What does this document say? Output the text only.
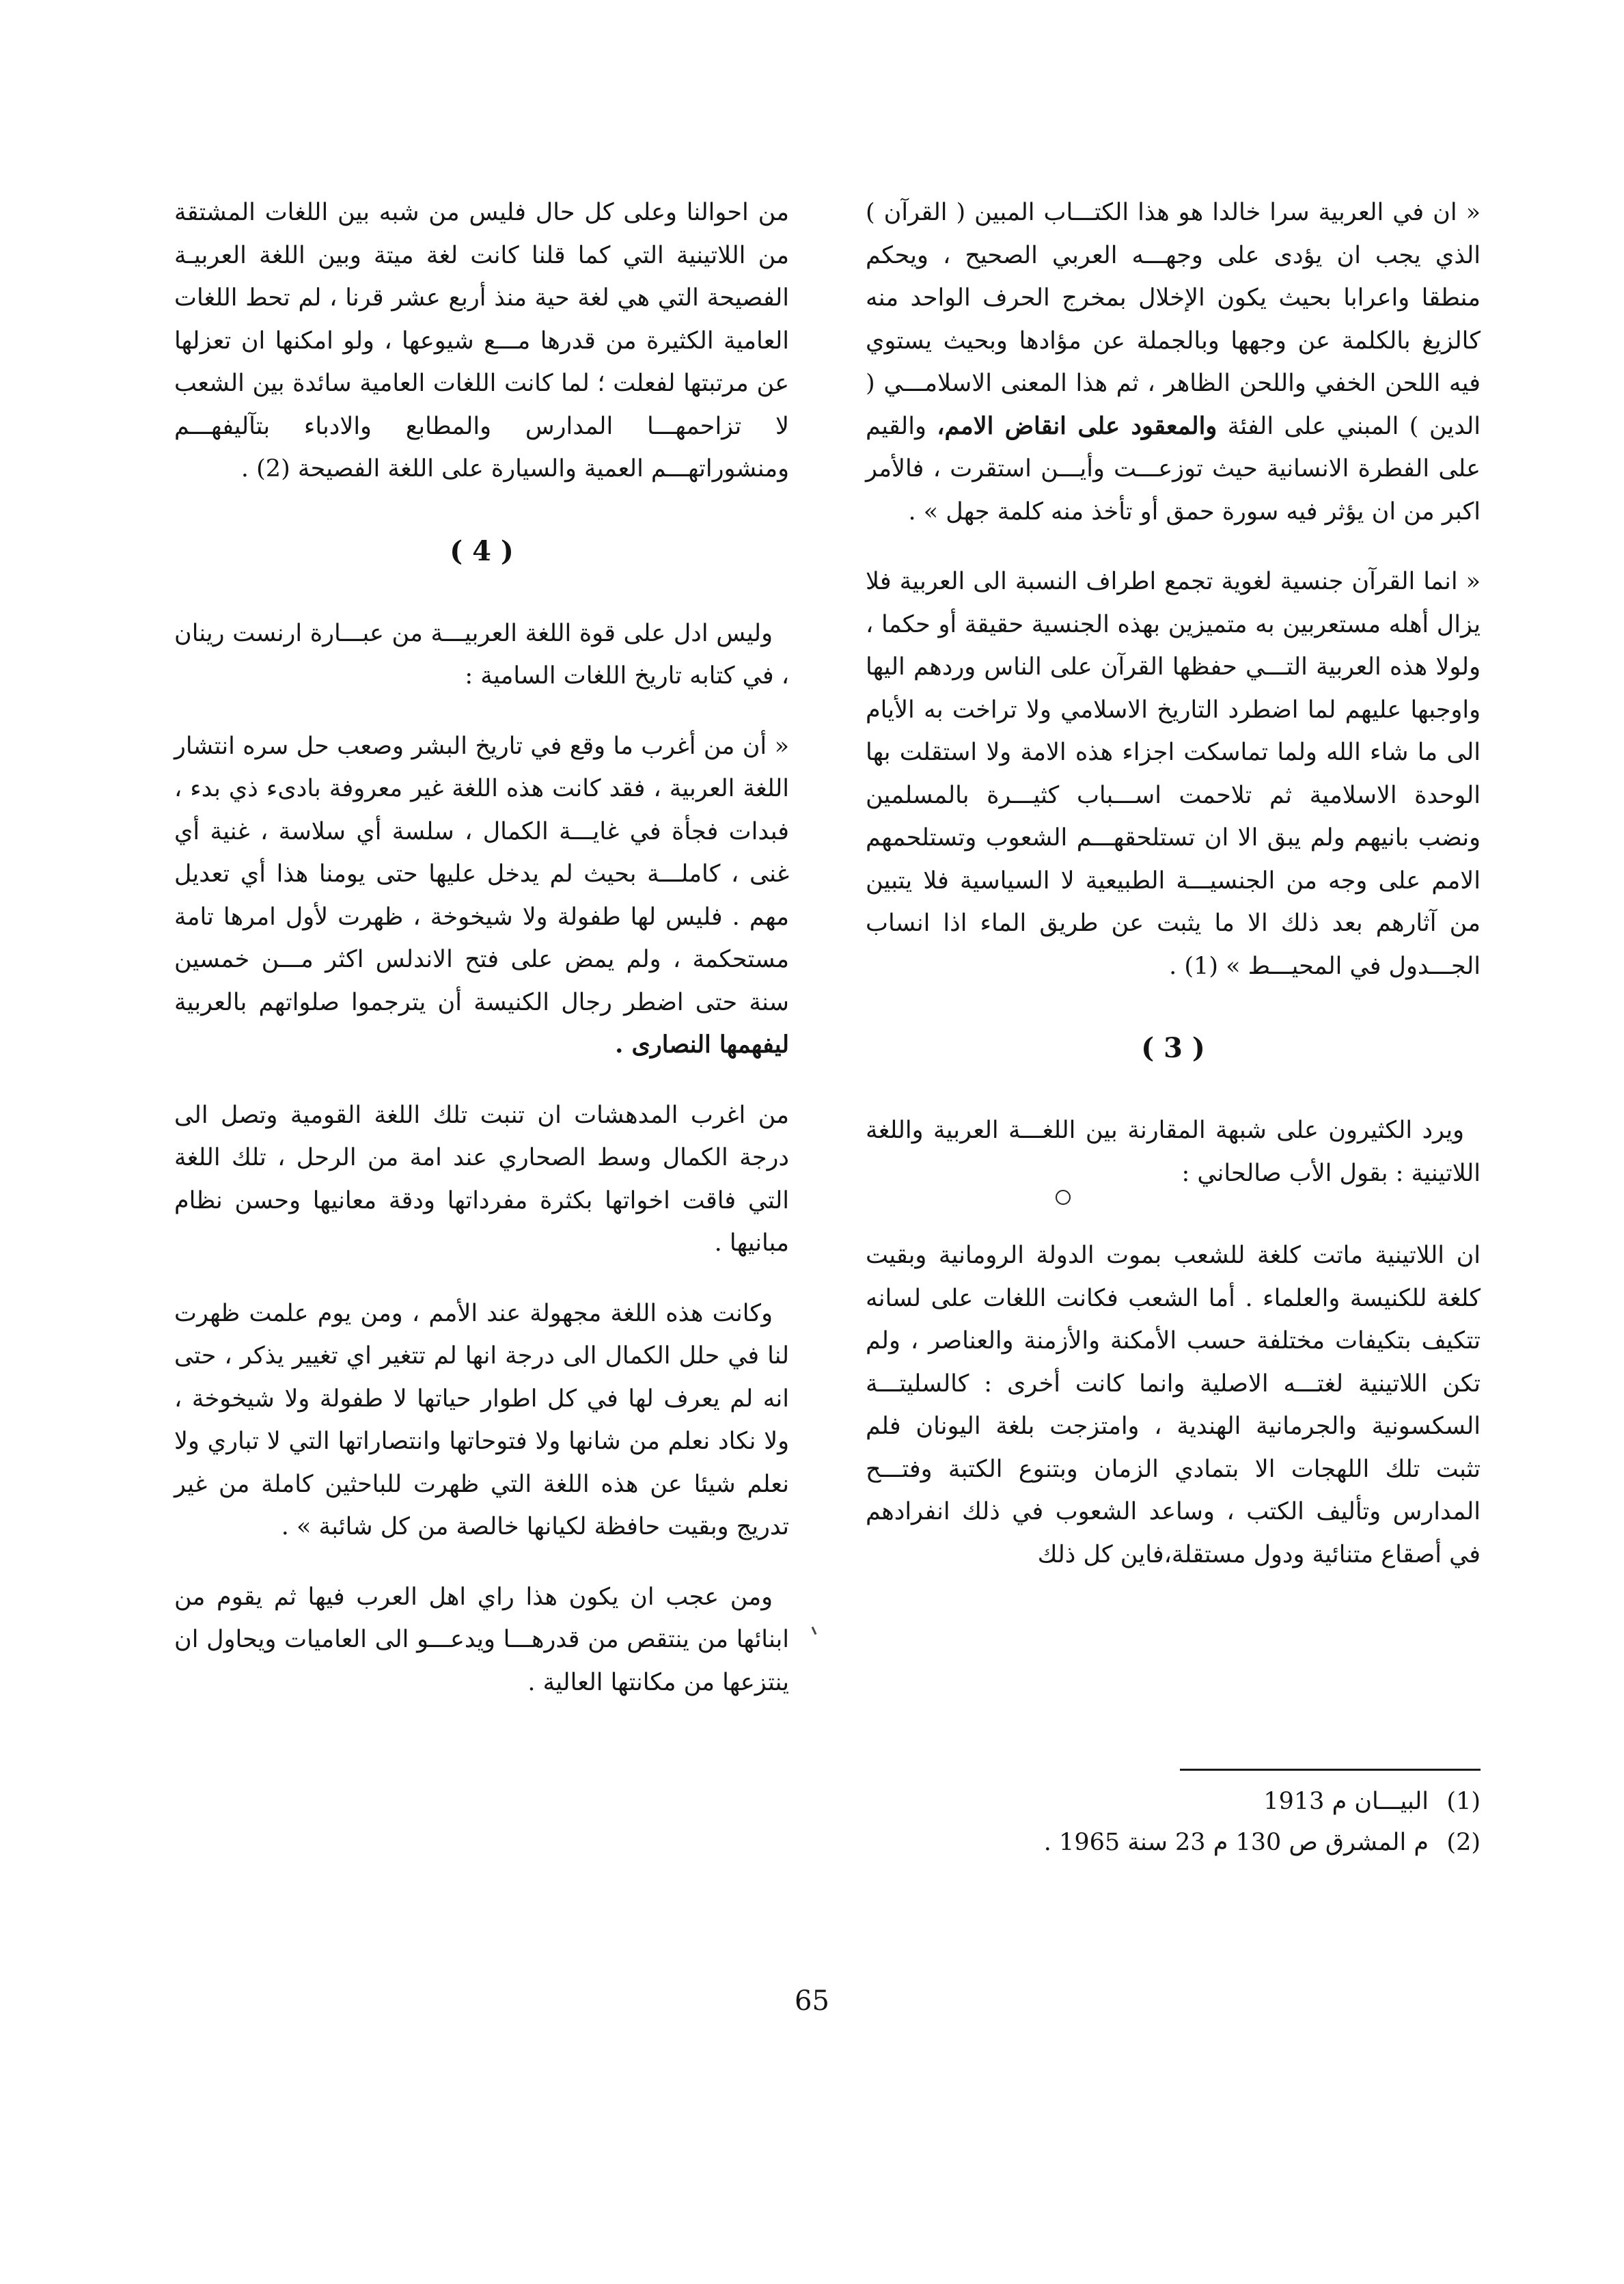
« ان في العربية سرا خالدا هو هذا الكتـــاب المبين ( القرآن ) الذي يجب ان يؤدى على وجهـــه العربي الصحيح ، ويحكم منطقا واعرابا بحيث يكون الإخلال بمخرج الحرف الواحد منه كالزيغ بالكلمة عن وجهها وبالجملة عن مؤادها وبحيث يستوي فيه اللحن الخفي واللحن الظاهر ، ثم هذا المعنى الاسلامـــي ( الدين ) المبني على الفئة والمعقود على انقاض الامم، والقيم على الفطرة الانسانية حيث توزعـــت وأيـــن استقرت ، فالأمر اكبر من ان يؤثر فيه سورة حمق أو تأخذ منه كلمة جهل » .

« انما القرآن جنسية لغوية تجمع اطراف النسبة الى العربية فلا يزال أهله مستعربين به متميزين بهذه الجنسية حقيقة أو حكما ، ولولا هذه العربية التـــي حفظها القرآن على الناس وردهم اليها واوجبها عليهم لما اضطرد التاريخ الاسلامي ولا تراخت به الأيام الى ما شاء الله ولما تماسكت اجزاء هذه الامة ولا استقلت بها الوحدة الاسلامية ثم تلاحمت اســـباب كثيـــرة بالمسلمين ونضب بانيهم ولم يبق الا ان تستلحقهـــم الشعوب وتستلحمهم الامم على وجه من الجنسيـــة الطبيعية لا السياسية فلا يتبين من آثارهم بعد ذلك الا ما يثبت عن طريق الماء اذا انساب الجـــدول في المحيـــط » (1) .

( 3 )

ويرد الكثيرون على شبهة المقارنة بين اللغـــة العربية واللغة اللاتينية : بقول الأب صالحاني :

ان اللاتينية ماتت كلغة للشعب بموت الدولة الرومانية وبقيت كلغة للكنيسة والعلماء . أما الشعب فكانت اللغات على لسانه تتكيف بتكيفات مختلفة حسب الأمكنة والأزمنة والعناصر ، ولم تكن اللاتينية لغتـــه الاصلية وانما كانت أخرى : كالسليتـــة السكسونية والجرمانية الهندية ، وامتزجت بلغة اليونان فلم تثبت تلك اللهجات الا بتمادي الزمان وبتنوع الكتبة وفتـــح المدارس وتأليف الكتب ، وساعد الشعوب في ذلك انفرادهم في أصقاع متنائية ودول مستقلة،فاين كل ذلك

من احوالنا وعلى كل حال فليس من شبه بين اللغات المشتقة من اللاتينية التي كما قلنا كانت لغة ميتة وبين اللغة العربيـة الفصيحة التي هي لغة حية منذ أربع عشر قرنا ، لم تحط اللغات العامية الكثيرة من قدرها مـــع شيوعها ، ولو امكنها ان تعزلها عن مرتبتها لفعلت ؛ لما كانت اللغات العامية سائدة بين الشعب لا تزاحمهـــا المدارس والمطابع والادباء بتآليفهـــم ومنشوراتهـــم العمية والسيارة على اللغة الفصيحة (2) .

( 4 )

وليس ادل على قوة اللغة العربيـــة من عبـــارة ارنست رينان ، في كتابه تاريخ اللغات السامية :

« أن من أغرب ما وقع في تاريخ البشر وصعب حل سره انتشار اللغة العربية ، فقد كانت هذه اللغة غير معروفة بادىء ذي بدء ، فبدات فجأة في غايـــة الكمال ، سلسة أي سلاسة ، غنية أي غنى ، كاملـــة بحيث لم يدخل عليها حتى يومنا هذا أي تعديل مهم . فليس لها طفولة ولا شيخوخة ، ظهرت لأول امرها تامة مستحكمة ، ولم يمض على فتح الاندلس اكثر مـــن خمسين سنة حتى اضطر رجال الكنيسة أن يترجموا صلواتهم بالعربية ليفهمها النصارى .

من اغرب المدهشات ان تنبت تلك اللغة القومية وتصل الى درجة الكمال وسط الصحاري عند امة من الرحل ، تلك اللغة التي فاقت اخواتها بكثرة مفرداتها ودقة معانيها وحسن نظام مبانيها .

وكانت هذه اللغة مجهولة عند الأمم ، ومن يوم علمت ظهرت لنا في حلل الكمال الى درجة انها لم تتغير اي تغيير يذكر ، حتى انه لم يعرف لها في كل اطوار حياتها لا طفولة ولا شيخوخة ، ولا نكاد نعلم من شانها ولا فتوحاتها وانتصاراتها التي لا تباري ولا نعلم شيئا عن هذه اللغة التي ظهرت للباحثين كاملة من غير تدريج وبقيت حافظة لكيانها خالصة من كل شائبة » .

ومن عجب ان يكون هذا راي اهل العرب فيها ثم يقوم من ابنائها من ينتقص من قدرهـــا ويدعـــو الى العاميات ويحاول ان ينتزعها من مكانتها العالية .

(1)
البيـــان م 1913

(2)
م المشرق ص 130 م 23 سنة 1965 .

65
